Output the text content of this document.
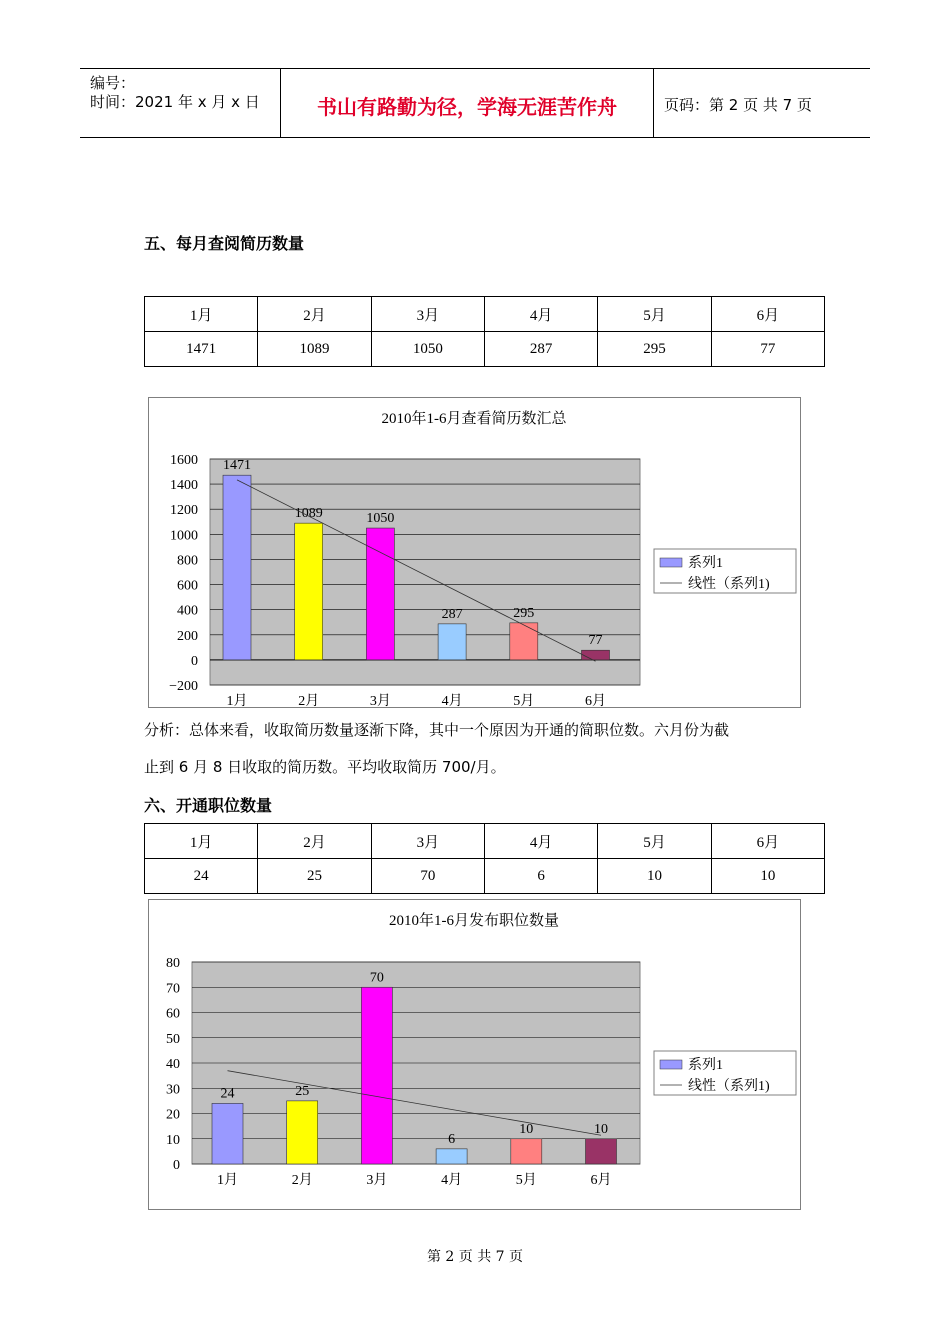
编号：
时间：2021 年 x 月 x 日	书山有路勤为径，学海无涯苦作舟	页码：第 2 页 共 7 页
五、每月查阅简历数量
1月	2月	3月	4月	5月	6月
1471	1089	1050	287	295	77
2010年1-6月查看简历数汇总
−200
0
200
400
600
800
1000
1200
1400
1600 1471
1月
1089
2月
1050
3月
287
4月
295
5月
77
6月
系列1
线性（系列1)
分析：总体来看，收取简历数量逐渐下降，其中一个原因为开通的简职位数。六月份为截
止到 6 月 8 日收取的简历数。平均收取简历 700/月。
六、开通职位数量
1月	2月	3月	4月	5月	6月
24	25	70	6	10	10
2010年1-6月发布职位数量
0
10
20
30
40
50
60
70
80
24
1月
25
2月
70
3月
6
4月
10
5月
10
6月
系列1
线性（系列1)
第 2 页 共 7 页
